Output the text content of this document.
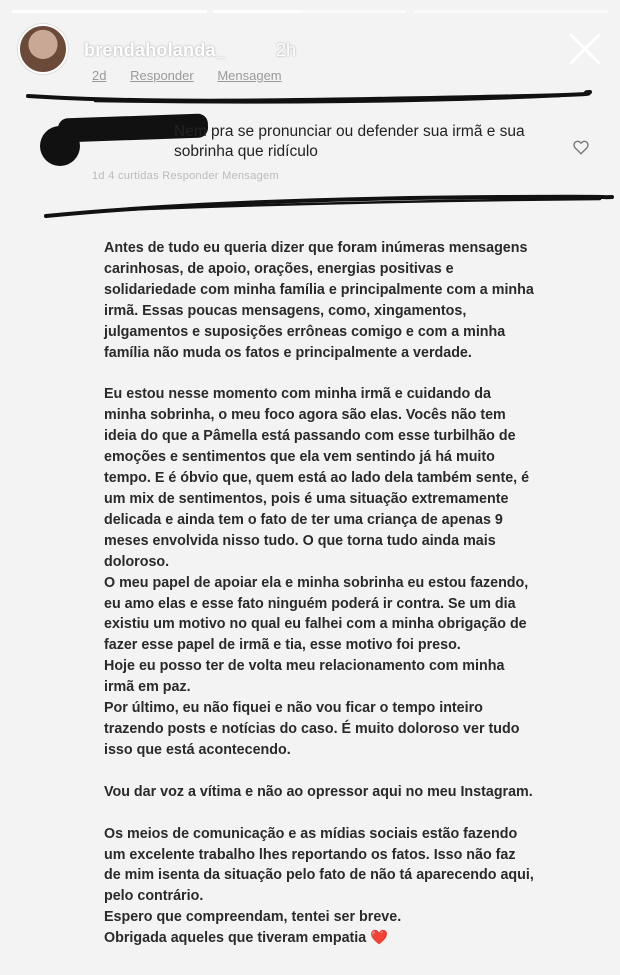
brendaholanda_	2h
2d Responder Mensagem
Nem pra se pronunciar ou defender sua irmã e sua sobrinha que ridículo
1d 4 curtidas Responder Mensagem

Antes de tudo eu queria dizer que foram inúmeras mensagens carinhosas, de apoio, orações, energias positivas e solidariedade com minha família e principalmente com a minha irmã. Essas poucas mensagens, como, xingamentos, julgamentos e suposições errôneas comigo e com a minha família não muda os fatos e principalmente a verdade.

Eu estou nesse momento com minha irmã e cuidando da minha sobrinha, o meu foco agora são elas. Vocês não tem ideia do que a Pâmella está passando com esse turbilhão de emoções e sentimentos que ela vem sentindo já há muito tempo. E é óbvio que, quem está ao lado dela também sente, é um mix de sentimentos, pois é uma situação extremamente delicada e ainda tem o fato de ter uma criança de apenas 9 meses envolvida nisso tudo. O que torna tudo ainda mais doloroso.
O meu papel de apoiar ela e minha sobrinha eu estou fazendo, eu amo elas e esse fato ninguém poderá ir contra. Se um dia existiu um motivo no qual eu falhei com a minha obrigação de fazer esse papel de irmã e tia, esse motivo foi preso.
Hoje eu posso ter de volta meu relacionamento com minha irmã em paz.
Por último, eu não fiquei e não vou ficar o tempo inteiro trazendo posts e notícias do caso. É muito doloroso ver tudo isso que está acontecendo.

Vou dar voz a vítima e não ao opressor aqui no meu Instagram.

Os meios de comunicação e as mídias sociais estão fazendo um excelente trabalho lhes reportando os fatos. Isso não faz de mim isenta da situação pelo fato de não tá aparecendo aqui, pelo contrário.
Espero que compreendam, tentei ser breve.
Obrigada aqueles que tiveram empatia ❤️
